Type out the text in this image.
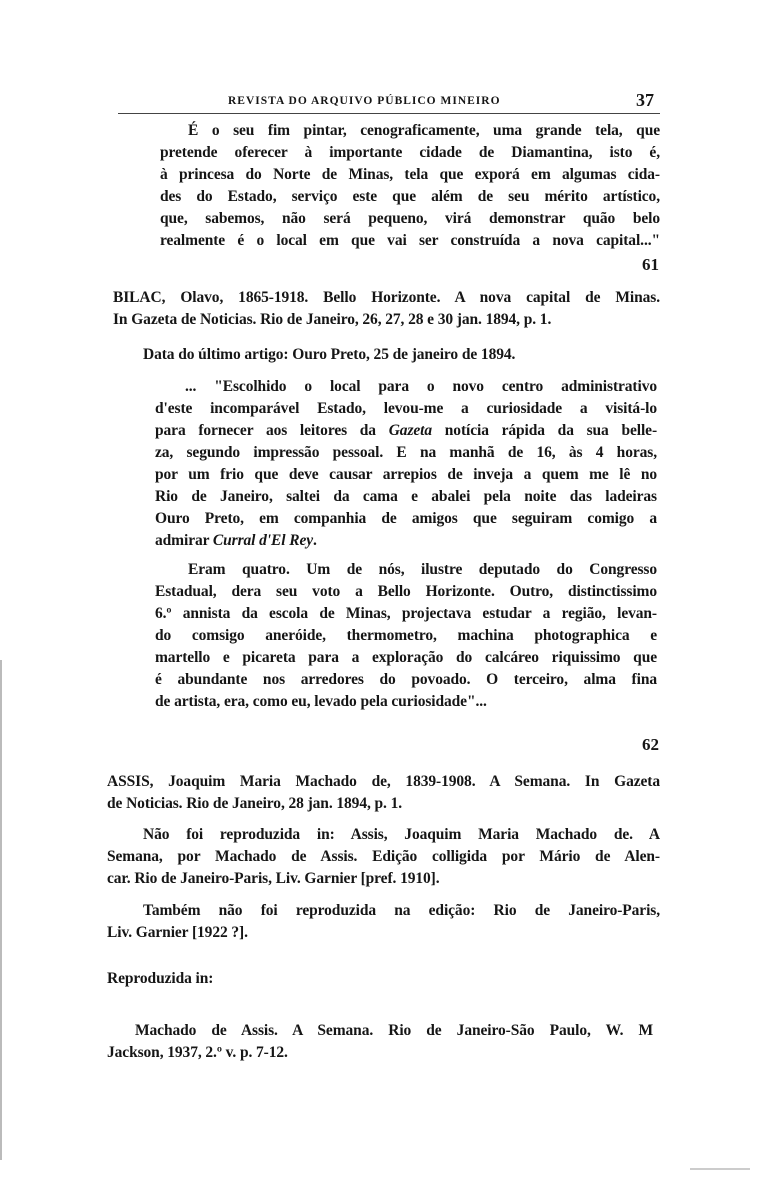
REVISTA DO ARQUIVO PÚBLICO MINEIRO	37
É o seu fim pintar, cenograficamente, uma grande tela, que
pretende oferecer à importante cidade de Diamantina, isto é,
à princesa do Norte de Minas, tela que exporá em algumas cida-
des do Estado, serviço este que além de seu mérito artístico,
que, sabemos, não será pequeno, virá demonstrar quão belo
realmente é o local em que vai ser construída a nova capital..."
61
BILAC, Olavo, 1865-1918. Bello Horizonte. A nova capital de Minas.
In Gazeta de Noticias. Rio de Janeiro, 26, 27, 28 e 30 jan. 1894, p. 1.
Data do último artigo: Ouro Preto, 25 de janeiro de 1894.
... "Escolhido o local para o novo centro administrativo
d'este incomparável Estado, levou-me a curiosidade a visitá-lo
para fornecer aos leitores da Gazeta notícia rápida da sua belle-
za, segundo impressão pessoal. E na manhã de 16, às 4 horas,
por um frio que deve causar arrepios de inveja a quem me lê no
Rio de Janeiro, saltei da cama e abalei pela noite das ladeiras
Ouro Preto, em companhia de amigos que seguiram comigo a
admirar Curral d'El Rey.
Eram quatro. Um de nós, ilustre deputado do Congresso
Estadual, dera seu voto a Bello Horizonte. Outro, distinctissimo
6.º annista da escola de Minas, projectava estudar a região, levan-
do comsigo aneróide, thermometro, machina photographica e
martello e picareta para a exploração do calcáreo riquissimo que
é abundante nos arredores do povoado. O terceiro, alma fina
de artista, era, como eu, levado pela curiosidade"...
62
ASSIS, Joaquim Maria Machado de, 1839-1908. A Semana. In Gazeta
de Noticias. Rio de Janeiro, 28 jan. 1894, p. 1.
Não foi reproduzida in: Assis, Joaquim Maria Machado de. A
Semana, por Machado de Assis. Edição colligida por Mário de Alen-
car. Rio de Janeiro-Paris, Liv. Garnier [pref. 1910].
Também não foi reproduzida na edição: Rio de Janeiro-Paris,
Liv. Garnier [1922 ?].
Reproduzida in:
Machado de Assis. A Semana. Rio de Janeiro-São Paulo, W. M
Jackson, 1937, 2.º v. p. 7-12.
